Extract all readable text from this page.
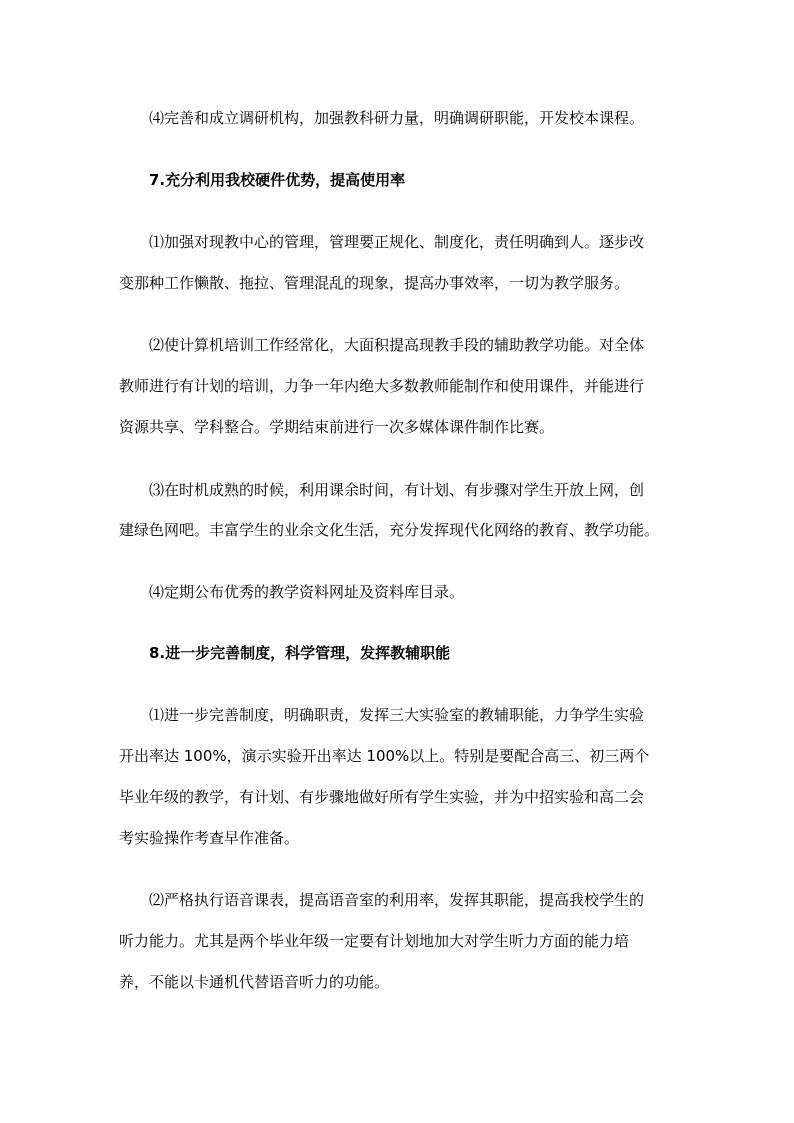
⑷完善和成立调研机构，加强教科研力量，明确调研职能，开发校本课程。
7.充分利用我校硬件优势，提高使用率
⑴加强对现教中心的管理，管理要正规化、制度化，责任明确到人。逐步改
变那种工作懒散、拖拉、管理混乱的现象，提高办事效率，一切为教学服务。
⑵使计算机培训工作经常化，大面积提高现教手段的辅助教学功能。对全体
教师进行有计划的培训，力争一年内绝大多数教师能制作和使用课件，并能进行
资源共享、学科整合。学期结束前进行一次多媒体课件制作比赛。
⑶在时机成熟的时候，利用课余时间，有计划、有步骤对学生开放上网，创
建绿色网吧。丰富学生的业余文化生活，充分发挥现代化网络的教育、教学功能。
⑷定期公布优秀的教学资料网址及资料库目录。
8.进一步完善制度，科学管理，发挥教辅职能
⑴进一步完善制度，明确职责，发挥三大实验室的教辅职能，力争学生实验
开出率达 100%，演示实验开出率达 100%以上。特别是要配合高三、初三两个
毕业年级的教学，有计划、有步骤地做好所有学生实验，并为中招实验和高二会
考实验操作考查早作准备。
⑵严格执行语音课表，提高语音室的利用率，发挥其职能，提高我校学生的
听力能力。尤其是两个毕业年级一定要有计划地加大对学生听力方面的能力培
养，不能以卡通机代替语音听力的功能。
